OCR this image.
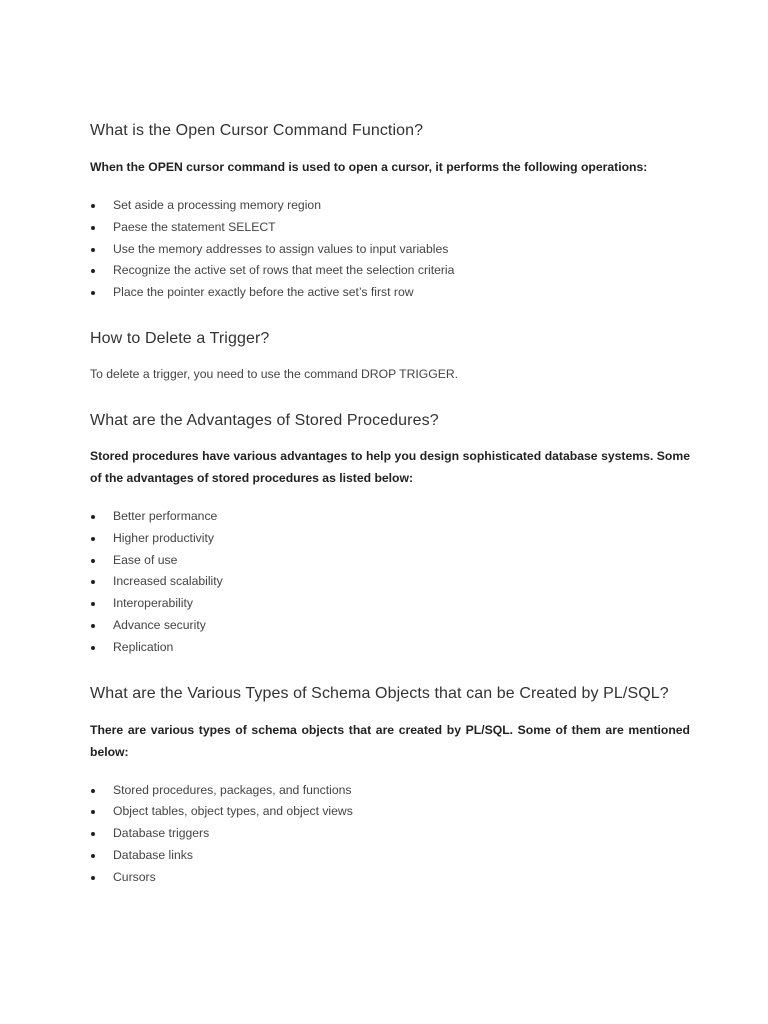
What is the Open Cursor Command Function?

When the OPEN cursor command is used to open a cursor, it performs the following operations:

Set aside a processing memory region
Paese the statement SELECT
Use the memory addresses to assign values to input variables
Recognize the active set of rows that meet the selection criteria
Place the pointer exactly before the active set’s first row
How to Delete a Trigger?

To delete a trigger, you need to use the command DROP TRIGGER.

What are the Advantages of Stored Procedures?

Stored procedures have various advantages to help you design sophisticated database systems. Some of the advantages of stored procedures as listed below:

Better performance
Higher productivity
Ease of use
Increased scalability
Interoperability
Advance security
Replication
What are the Various Types of Schema Objects that can be Created by PL/SQL?

There are various types of schema objects that are created by PL/SQL. Some of them are mentioned below:

Stored procedures, packages, and functions
Object tables, object types, and object views
Database triggers
Database links
Cursors
